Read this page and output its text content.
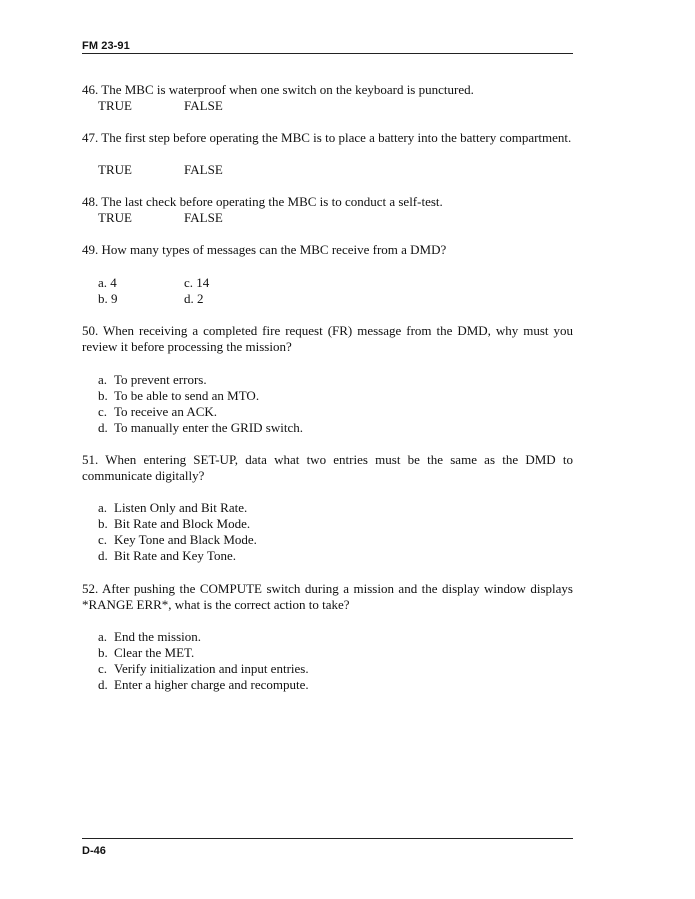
FM 23-91
46. The MBC is waterproof when one switch on the keyboard is punctured.
TRUE	FALSE
47. The first step before operating the MBC is to place a battery into the battery compartment.
TRUE	FALSE
48. The last check before operating the MBC is to conduct a self-test.
TRUE	FALSE
49. How many types of messages can the MBC receive from a DMD?
a. 4
b. 9
c. 14
d. 2
50. When receiving a completed fire request (FR) message from the DMD, why must you review it before processing the mission?
a. To prevent errors.
b. To be able to send an MTO.
c. To receive an ACK.
d. To manually enter the GRID switch.
51. When entering SET-UP, data what two entries must be the same as the DMD to communicate digitally?
a. Listen Only and Bit Rate.
b. Bit Rate and Block Mode.
c. Key Tone and Black Mode.
d. Bit Rate and Key Tone.
52. After pushing the COMPUTE switch during a mission and the display window displays *RANGE ERR*, what is the correct action to take?
a. End the mission.
b. Clear the MET.
c. Verify initialization and input entries.
d. Enter a higher charge and recompute.
D-46
